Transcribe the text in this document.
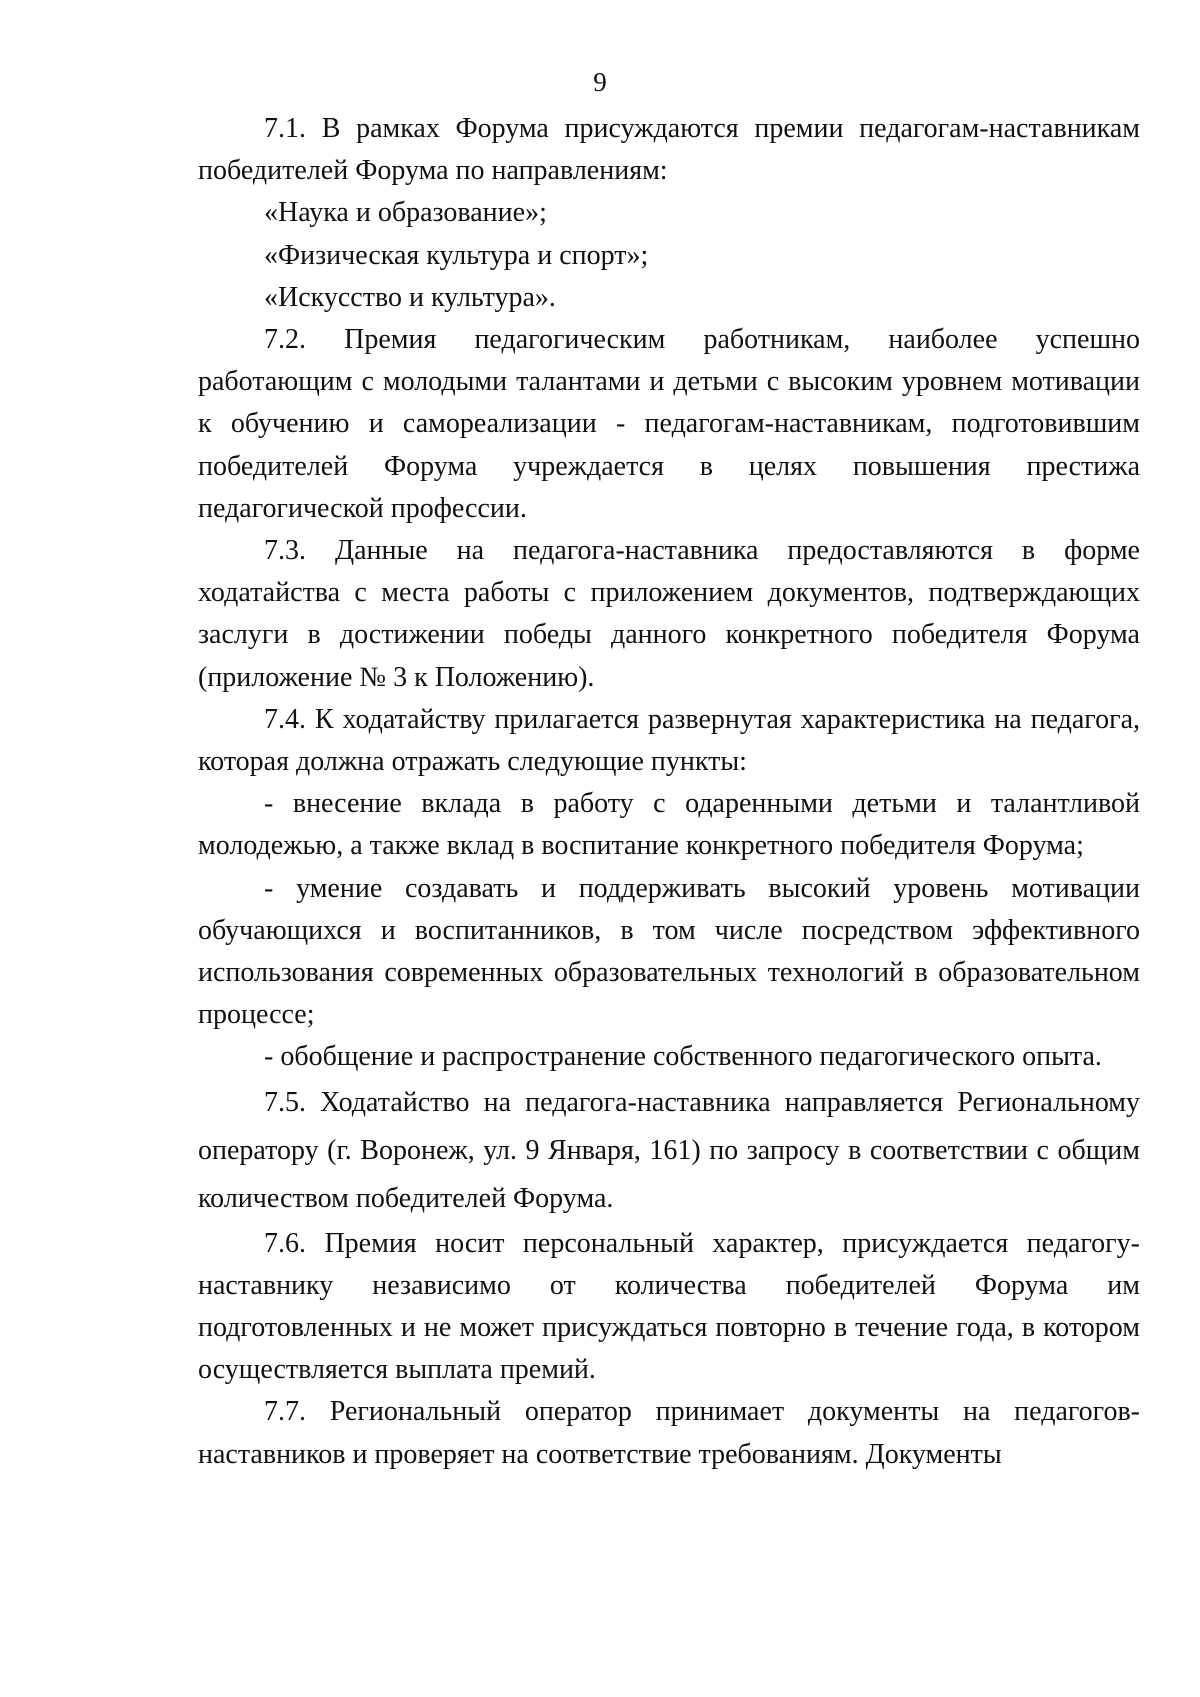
9

7.1. В рамках Форума присуждаются премии педагогам-наставникам победителей Форума по направлениям:

«Наука и образование»;

«Физическая культура и спорт»;

«Искусство и культура».

7.2. Премия педагогическим работникам, наиболее успешно работающим с молодыми талантами и детьми с высоким уровнем мотивации к обучению и самореализации - педагогам-наставникам, подготовившим победителей Форума учреждается в целях повышения престижа педагогической профессии.

7.3. Данные на педагога-наставника предоставляются в форме ходатайства с места работы с приложением документов, подтверждающих заслуги в достижении победы данного конкретного победителя Форума (приложение № 3 к Положению).

7.4. К ходатайству прилагается развернутая характеристика на педагога, которая должна отражать следующие пункты:

- внесение вклада в работу с одаренными детьми и талантливой молодежью, а также вклад в воспитание конкретного победителя Форума;

- умение создавать и поддерживать высокий уровень мотивации обучающихся и воспитанников, в том числе посредством эффективного использования современных образовательных технологий в образовательном процессе;

- обобщение и распространение собственного педагогического опыта.

7.5. Ходатайство на педагога-наставника направляется Региональному оператору (г. Воронеж, ул. 9 Января, 161) по запросу в соответствии с общим количеством победителей Форума.

7.6. Премия носит персональный характер, присуждается педагогу-наставнику независимо от количества победителей Форума им подготовленных и не может присуждаться повторно в течение года, в котором осуществляется выплата премий.

7.7. Региональный оператор принимает документы на педагогов-наставников и проверяет на соответствие требованиям. Документы
